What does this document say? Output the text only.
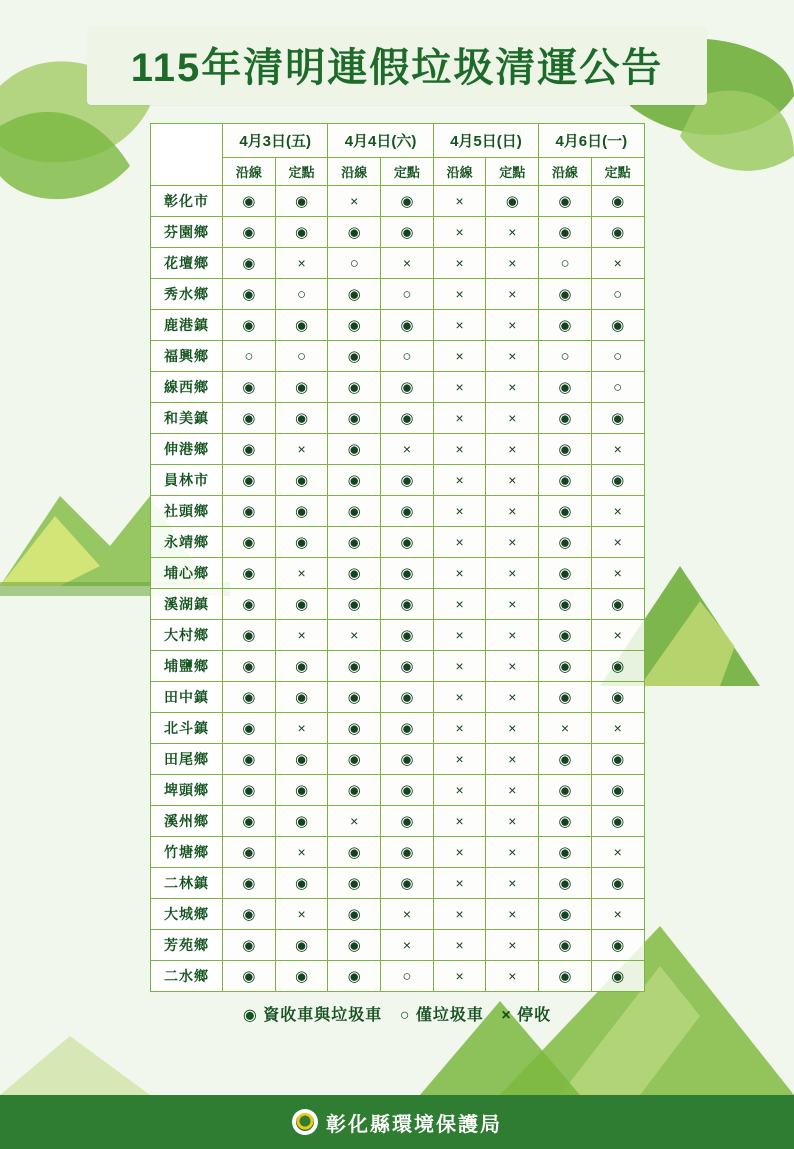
115年清明連假垃圾清運公告
	4月3日(五)		4月4日(六)		4月5日(日)		4月6日(一)	
	沿線	定點	沿線	定點	沿線	定點	沿線	定點
彰化市	◉	◉	×	◉	×	◉	◉	◉
芬園鄉	◉	◉	◉	◉	×	×	◉	◉
花壇鄉	◉	×	○	×	×	×	○	×
秀水鄉	◉	○	◉	○	×	×	◉	○
鹿港鎮	◉	◉	◉	◉	×	×	◉	◉
福興鄉	○	○	◉	○	×	×	○	○
線西鄉	◉	◉	◉	◉	×	×	◉	○
和美鎮	◉	◉	◉	◉	×	×	◉	◉
伸港鄉	◉	×	◉	×	×	×	◉	×
員林市	◉	◉	◉	◉	×	×	◉	◉
社頭鄉	◉	◉	◉	◉	×	×	◉	×
永靖鄉	◉	◉	◉	◉	×	×	◉	×
埔心鄉	◉	×	◉	◉	×	×	◉	×
溪湖鎮	◉	◉	◉	◉	×	×	◉	◉
大村鄉	◉	×	×	◉	×	×	◉	×
埔鹽鄉	◉	◉	◉	◉	×	×	◉	◉
田中鎮	◉	◉	◉	◉	×	×	◉	◉
北斗鎮	◉	×	◉	◉	×	×	×	×
田尾鄉	◉	◉	◉	◉	×	×	◉	◉
埤頭鄉	◉	◉	◉	◉	×	×	◉	◉
溪州鄉	◉	◉	×	◉	×	×	◉	◉
竹塘鄉	◉	×	◉	◉	×	×	◉	×
二林鎮	◉	◉	◉	◉	×	×	◉	◉
大城鄉	◉	×	◉	×	×	×	◉	×
芳苑鄉	◉	◉	◉	×	×	×	◉	◉
二水鄉	◉	◉	◉	○	×	×	◉	◉
◉ 資收車與垃圾車 ○ 僅垃圾車 × 停收
彰化縣環境保護局
